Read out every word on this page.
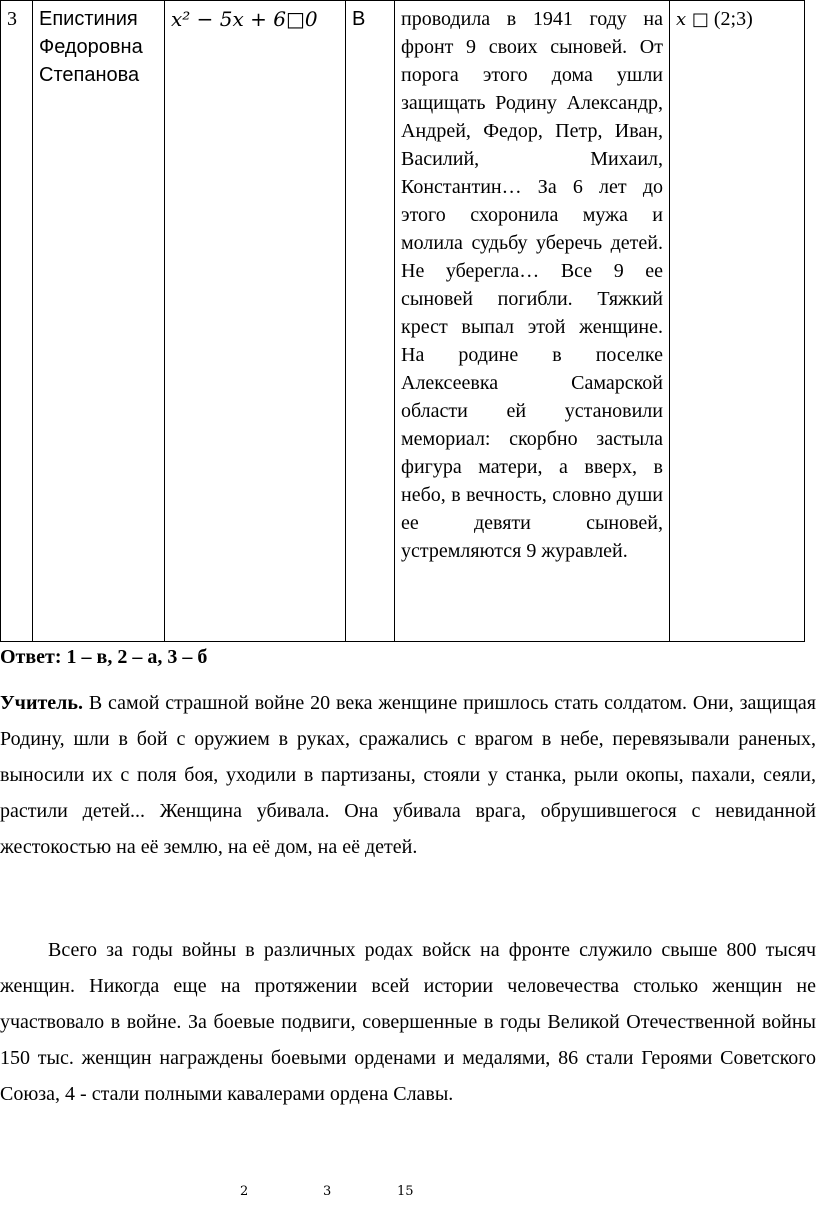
3	Епистиния Федоровна Степанова	x² − 5x + 6□0	В	проводила в 1941 году на фронт 9 своих сыновей. От порога этого дома ушли защищать Родину Александр, Андрей, Федор, Петр, Иван, Василий, Михаил, Константин… За 6 лет до этого схоронила мужа и молила судьбу уберечь детей. Не уберегла… Все 9 ее сыновей погибли. Тяжкий крест выпал этой женщине. На родине в поселке Алексеевка Самарской области ей установили мемориал: скорбно застыла фигура матери, а вверх, в небо, в вечность, словно души ее девяти сыновей, устремляются 9 журавлей.	x □ (2;3)

Ответ: 1 – в, 2 – а, 3 – б

Учитель. В самой страшной войне 20 века женщине пришлось стать солдатом. Они, защищая Родину, шли в бой с оружием в руках, сражались с врагом в небе, перевязывали раненых, выносили их с поля боя, уходили в партизаны, стояли у станка, рыли окопы, пахали, сеяли, растили детей... Женщина убивала. Она убивала врага, обрушившегося с невиданной жестокостью на её землю, на её дом, на её детей.

Всего за годы войны в различных родах войск на фронте служило свыше 800 тысяч женщин. Никогда еще на протяжении всей истории человечества столько женщин не участвовало в войне. За боевые подвиги, совершенные в годы Великой Отечественной войны 150 тыс. женщин награждены боевыми орденами и медалями, 86 стали Героями Советского Союза, 4 - стали полными кавалерами ордена Славы.

2	3	15
